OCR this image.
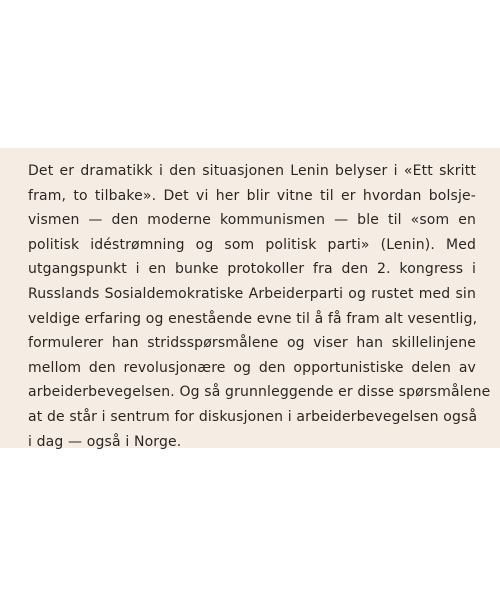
Det er dramatikk i den situasjonen Lenin belyser i «Ett skritt
fram, to tilbake». Det vi her blir vitne til er hvordan bolsje-
vismen — den moderne kommunismen — ble til «som en
politisk idéstrømning og som politisk parti» (Lenin). Med
utgangspunkt i en bunke protokoller fra den 2. kongress i
Russlands Sosialdemokratiske Arbeiderparti og rustet med sin
veldige erfaring og enestående evne til å få fram alt vesentlig,
formulerer han stridsspørsmålene og viser han skillelinjene
mellom den revolusjonære og den opportunistiske delen av
arbeiderbevegelsen. Og så grunnleggende er disse spørsmålene
at de står i sentrum for diskusjonen i arbeiderbevegelsen også
i dag — også i Norge.
